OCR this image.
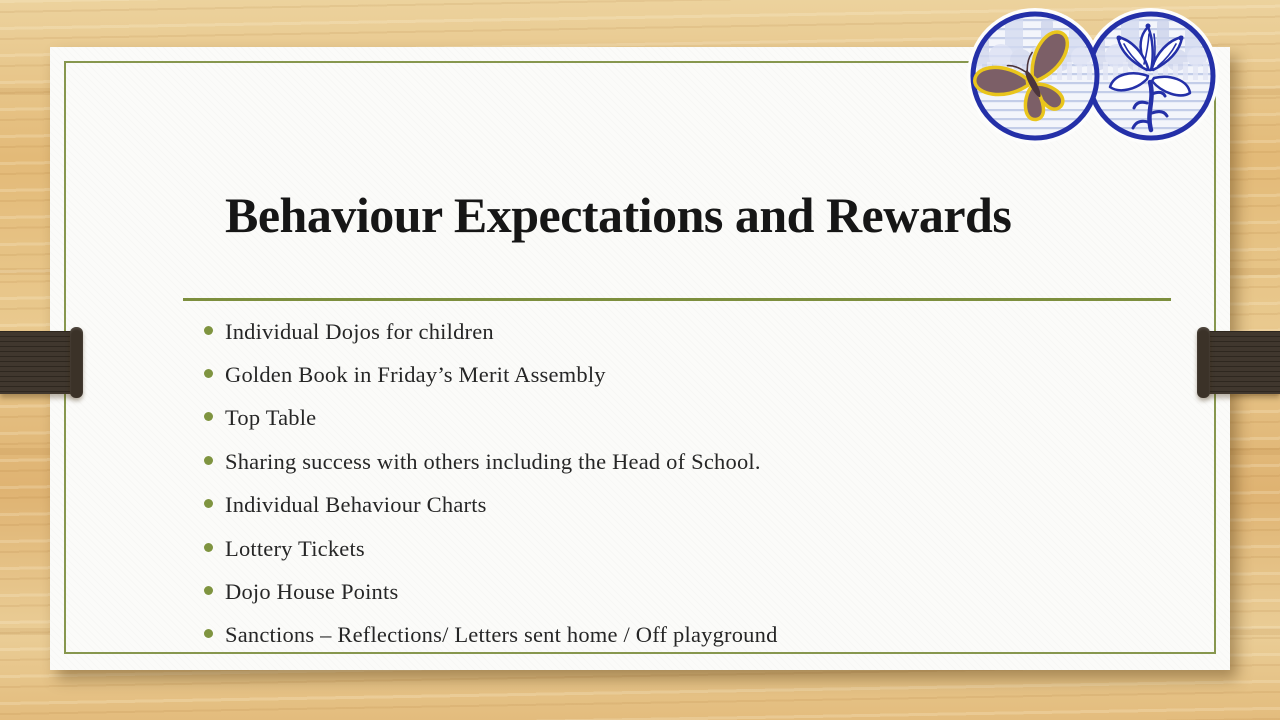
Behaviour Expectations and Rewards
Individual Dojos for children
Golden Book in Friday’s Merit Assembly
Top Table
Sharing success with others including the Head of School.
Individual Behaviour Charts
Lottery Tickets
Dojo House Points
Sanctions – Reflections/ Letters sent home / Off playground
